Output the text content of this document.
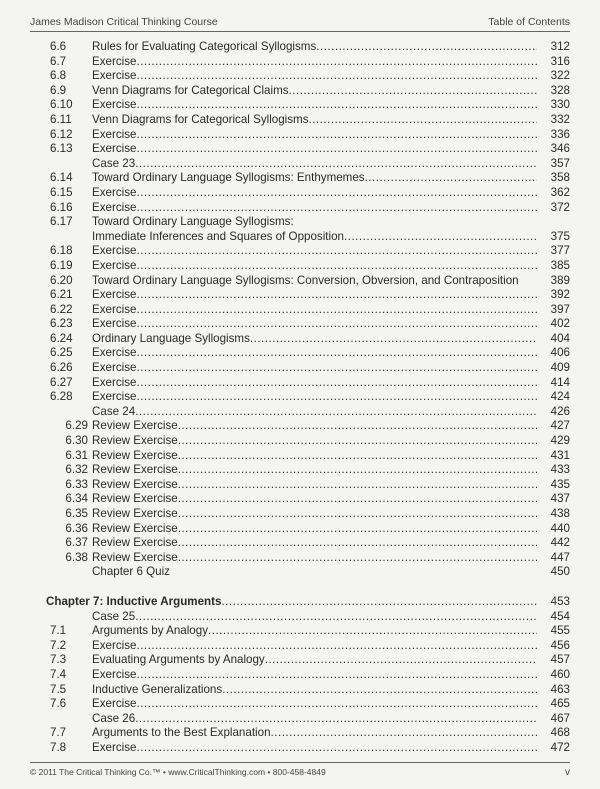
James Madison Critical Thinking Course	Table of Contents
6.6	Rules for Evaluating Categorical Syllogisms .....	312
6.7	Exercise .....	316
6.8	Exercise .....	322
6.9	Venn Diagrams for Categorical Claims .....	328
6.10	Exercise .....	330
6.11	Venn Diagrams for Categorical Syllogisms .....	332
6.12	Exercise .....	336
6.13	Exercise .....	346
Case 23 .....	357
6.14	Toward Ordinary Language Syllogisms: Enthymemes .....	358
6.15	Exercise .....	362
6.16	Exercise .....	372
6.17	Toward Ordinary Language Syllogisms:
Immediate Inferences and Squares of Opposition .....	375
6.18	Exercise .....	377
6.19	Exercise .....	385
6.20	Toward Ordinary Language Syllogisms: Conversion, Obversion, and Contraposition	389
6.21	Exercise .....	392
6.22	Exercise .....	397
6.23	Exercise .....	402
6.24	Ordinary Language Syllogisms .....	404
6.25	Exercise .....	406
6.26	Exercise .....	409
6.27	Exercise .....	414
6.28	Exercise .....	424
Case 24 .....	426
6.29 Review Exercise .....	427
6.30 Review Exercise .....	429
6.31 Review Exercise .....	431
6.32 Review Exercise .....	433
6.33 Review Exercise .....	435
6.34 Review Exercise .....	437
6.35 Review Exercise .....	438
6.36 Review Exercise .....	440
6.37 Review Exercise .....	442
6.38 Review Exercise .....	447
Chapter 6 Quiz	450
Chapter 7: Inductive Arguments .....	453
Case 25 .....	454
7.1	Arguments by Analogy .....	455
7.2	Exercise .....	456
7.3	Evaluating Arguments by Analogy .....	457
7.4	Exercise .....	460
7.5	Inductive Generalizations .....	463
7.6	Exercise .....	465
Case 26 .....	467
7.7	Arguments to the Best Explanation .....	468
7.8	Exercise .....	472
© 2011 The Critical Thinking Co.™ • www.CriticalThinking.com • 800-458-4849	v
